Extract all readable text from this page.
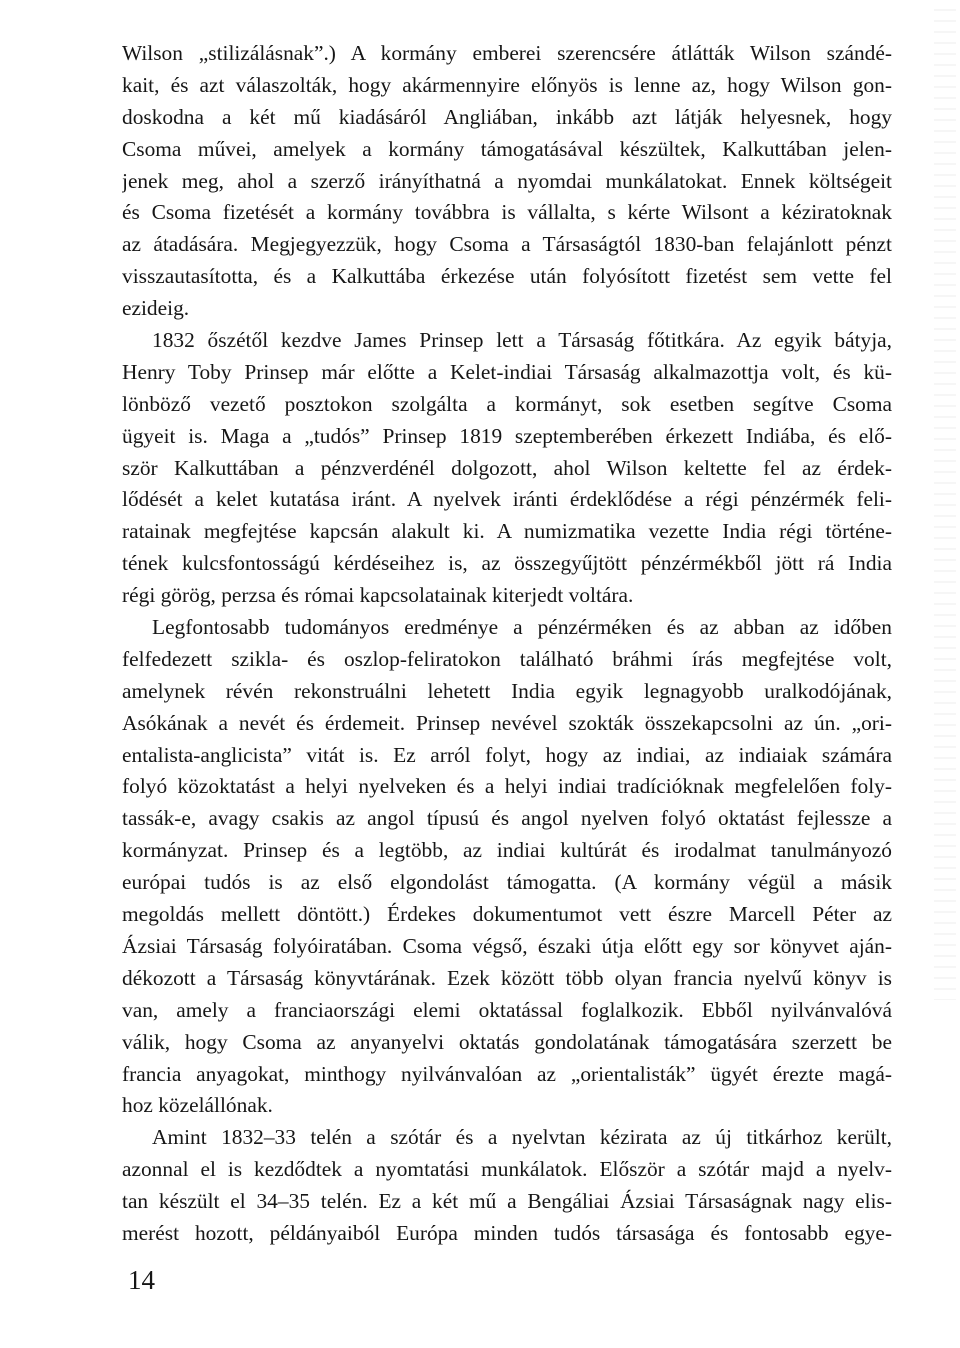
Wilson „stilizálásnak”.) A kormány emberei szerencsére átlátták Wilson szándé-
kait, és azt válaszolták, hogy akármennyire előnyös is lenne az, hogy Wilson gon-
doskodna a két mű kiadásáról Angliában, inkább azt látják helyesnek, hogy
Csoma művei, amelyek a kormány támogatásával készültek, Kalkuttában jelen-
jenek meg, ahol a szerző irányíthatná a nyomdai munkálatokat. Ennek költségeit
és Csoma fizetését a kormány továbbra is vállalta, s kérte Wilsont a kéziratoknak
az átadására. Megjegyezzük, hogy Csoma a Társaságtól 1830-ban felajánlott pénzt
visszautasította, és a Kalkuttába érkezése után folyósított fizetést sem vette fel
ezideig.
1832 őszétől kezdve James Prinsep lett a Társaság főtitkára. Az egyik bátyja,
Henry Toby Prinsep már előtte a Kelet-indiai Társaság alkalmazottja volt, és kü-
lönböző vezető posztokon szolgálta a kormányt, sok esetben segítve Csoma
ügyeit is. Maga a „tudós” Prinsep 1819 szeptemberében érkezett Indiába, és elő-
ször Kalkuttában a pénzverdénél dolgozott, ahol Wilson keltette fel az érdek-
lődését a kelet kutatása iránt. A nyelvek iránti érdeklődése a régi pénzérmék feli-
ratainak megfejtése kapcsán alakult ki. A numizmatika vezette India régi történe-
tének kulcsfontosságú kérdéseihez is, az összegyűjtött pénzérmékből jött rá India
régi görög, perzsa és római kapcsolatainak kiterjedt voltára.
Legfontosabb tudományos eredménye a pénzérméken és az abban az időben
felfedezett szikla- és oszlop-feliratokon található bráhmi írás megfejtése volt,
amelynek révén rekonstruálni lehetett India egyik legnagyobb uralkodójának,
Asókának a nevét és érdemeit. Prinsep nevével szokták összekapcsolni az ún. „ori-
entalista-anglicista” vitát is. Ez arról folyt, hogy az indiai, az indiaiak számára
folyó közoktatást a helyi nyelveken és a helyi indiai tradícióknak megfelelően foly-
tassák-e, avagy csakis az angol típusú és angol nyelven folyó oktatást fejlessze a
kormányzat. Prinsep és a legtöbb, az indiai kultúrát és irodalmat tanulmányozó
európai tudós is az első elgondolást támogatta. (A kormány végül a másik
megoldás mellett döntött.) Érdekes dokumentumot vett észre Marcell Péter az
Ázsiai Társaság folyóiratában. Csoma végső, északi útja előtt egy sor könyvet aján-
dékozott a Társaság könyvtárának. Ezek között több olyan francia nyelvű könyv is
van, amely a franciaországi elemi oktatással foglalkozik. Ebből nyilvánvalóvá
válik, hogy Csoma az anyanyelvi oktatás gondolatának támogatására szerzett be
francia anyagokat, minthogy nyilvánvalóan az „orientalisták” ügyét érezte magá-
hoz közelállónak.
Amint 1832–33 telén a szótár és a nyelvtan kézirata az új titkárhoz került,
azonnal el is kezdődtek a nyomtatási munkálatok. Először a szótár majd a nyelv-
tan készült el 34–35 telén. Ez a két mű a Bengáliai Ázsiai Társaságnak nagy elis-
merést hozott, példányaiból Európa minden tudós társasága és fontosabb egye-
14
